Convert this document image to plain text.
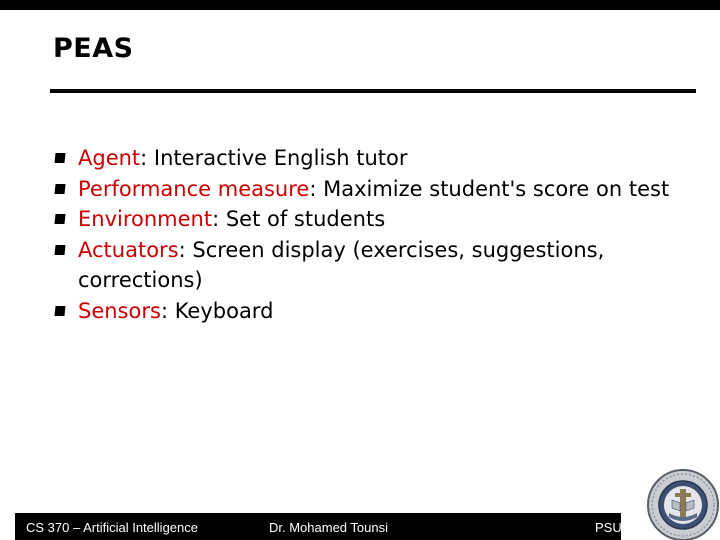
PEAS
Agent: Interactive English tutor
Performance measure: Maximize student's score on test
Environment: Set of students
Actuators: Screen display (exercises, suggestions, corrections)
Sensors: Keyboard
CS 370 – Artificial Intelligence	Dr. Mohamed Tounsi	PSU
